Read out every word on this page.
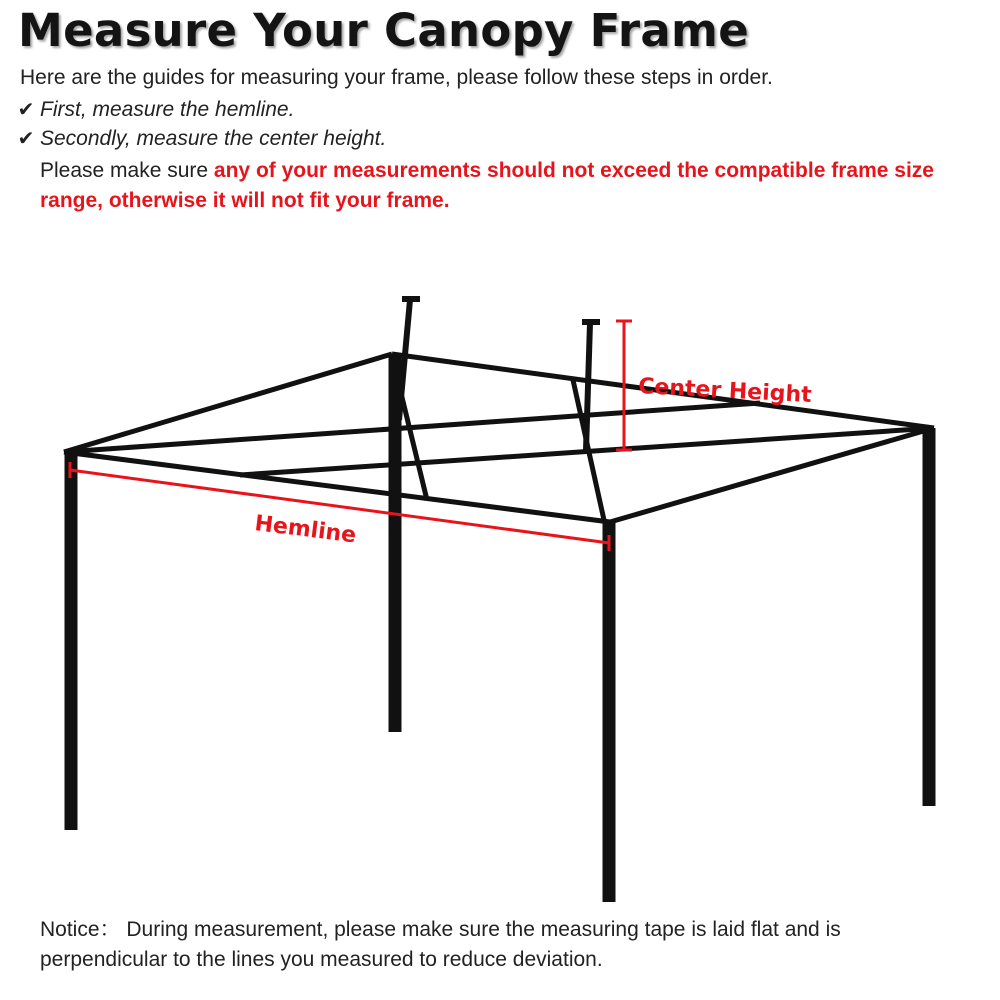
Measure Your Canopy Frame
Here are the guides for measuring your frame, please follow these steps in order.
✔︎ First, measure the hemline.
✔︎ Secondly, measure the center height.
Please make sure any of your measurements should not exceed the compatible frame size range, otherwise it will not fit your frame.
Center Height
Hemline
Notice： During measurement, please make sure the measuring tape is laid flat and is perpendicular to the lines you measured to reduce deviation.
